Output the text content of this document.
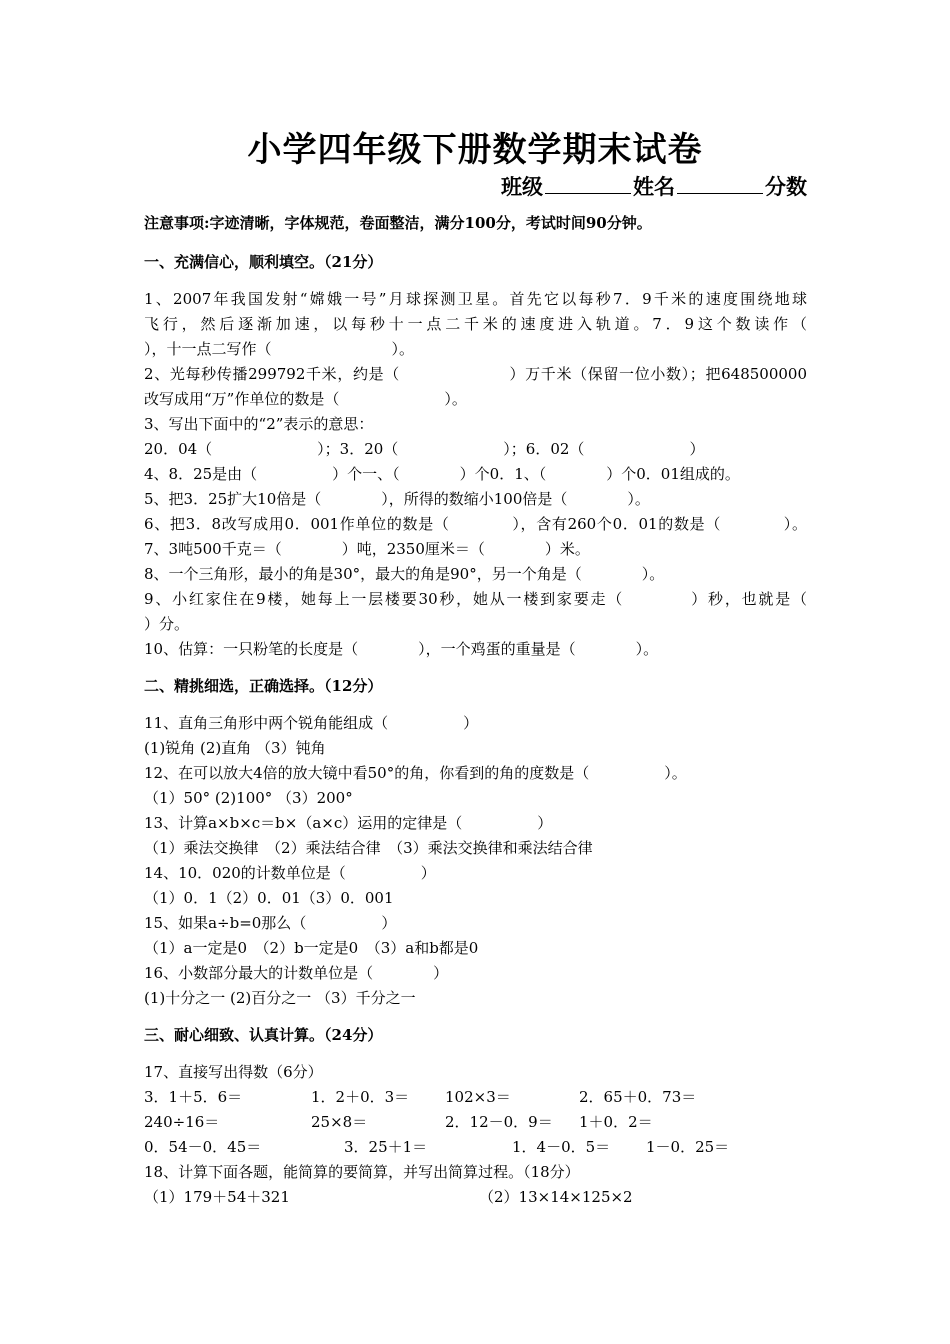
小学四年级下册数学期末试卷
班级	姓名	分数
注意事项:字迹清晰，字体规范，卷面整洁，满分100分，考试时间90分钟。
一、充满信心，顺利填空。（21分）
1、2007年我国发射“嫦娥一号”月球探测卫星。首先它以每秒7．9千米的速度围绕地球
飞行，然后逐渐加速，以每秒十一点二千米的速度进入轨道。7．9这个数读作（
），十一点二写作（　　　　　　　　）。
2、光每秒传播299792千米，约是（　　　　　　　）万千米（保留一位小数）；把648500000
改写成用“万”作单位的数是（　　　　　　　）。
3、写出下面中的“2”表示的意思：
20．04（　　　　　　　）；3．20（　　　　　　　）；6．02（　　　　　　　）
4、8．25是由（　　　　　）个一、（　　　　）个0．1、（　　　　）个0．01组成的。
5、把3．25扩大10倍是（　　　　），所得的数缩小100倍是（　　　　）。
6、把3．8改写成用0．001作单位的数是（　　　　），含有260个0．01的数是（　　　　）。
7、3吨500千克＝（　　　　）吨，2350厘米＝（　　　　）米。
8、一个三角形，最小的角是30°，最大的角是90°，另一个角是（　　　　）。
9、小红家住在9楼，她每上一层楼要30秒，她从一楼到家要走（　　　　）秒，也就是（
）分。
10、估算：一只粉笔的长度是（　　　　），一个鸡蛋的重量是（　　　　）。
二、精挑细选，正确选择。（12分）
11、直角三角形中两个锐角能组成（　　　　　）
(1)锐角 (2)直角 （3）钝角
12、在可以放大4倍的放大镜中看50°的角，你看到的角的度数是（　　　　　）。
（1）50° (2)100° （3）200°
13、计算a×b×c＝b×（a×c）运用的定律是（　　　　　）
（1）乘法交换律　（2）乘法结合律　（3）乘法交换律和乘法结合律
14、10．020的计数单位是（　　　　　）
（1）0．1（2）0．01（3）0．001
15、如果a÷b=0那么（　　　　　）
（1）a一定是0　（2）b一定是0　（3）a和b都是0
16、小数部分最大的计数单位是（　　　　）
(1)十分之一 (2)百分之一 （3）千分之一
三、耐心细致、认真计算。（24分）
17、直接写出得数（6分）
3．1＋5．6＝	1．2＋0．3＝ 102×3＝	2．65＋0．73＝
240÷16＝	25×8＝	2．12－0．9＝ 1＋0．2＝
0．54－0．45＝	3．25＋1＝	1．4－0．5＝ 1－0．25＝
18、计算下面各题，能简算的要简算，并写出简算过程。（18分）
（1）179＋54＋321	（2）13×14×125×2
